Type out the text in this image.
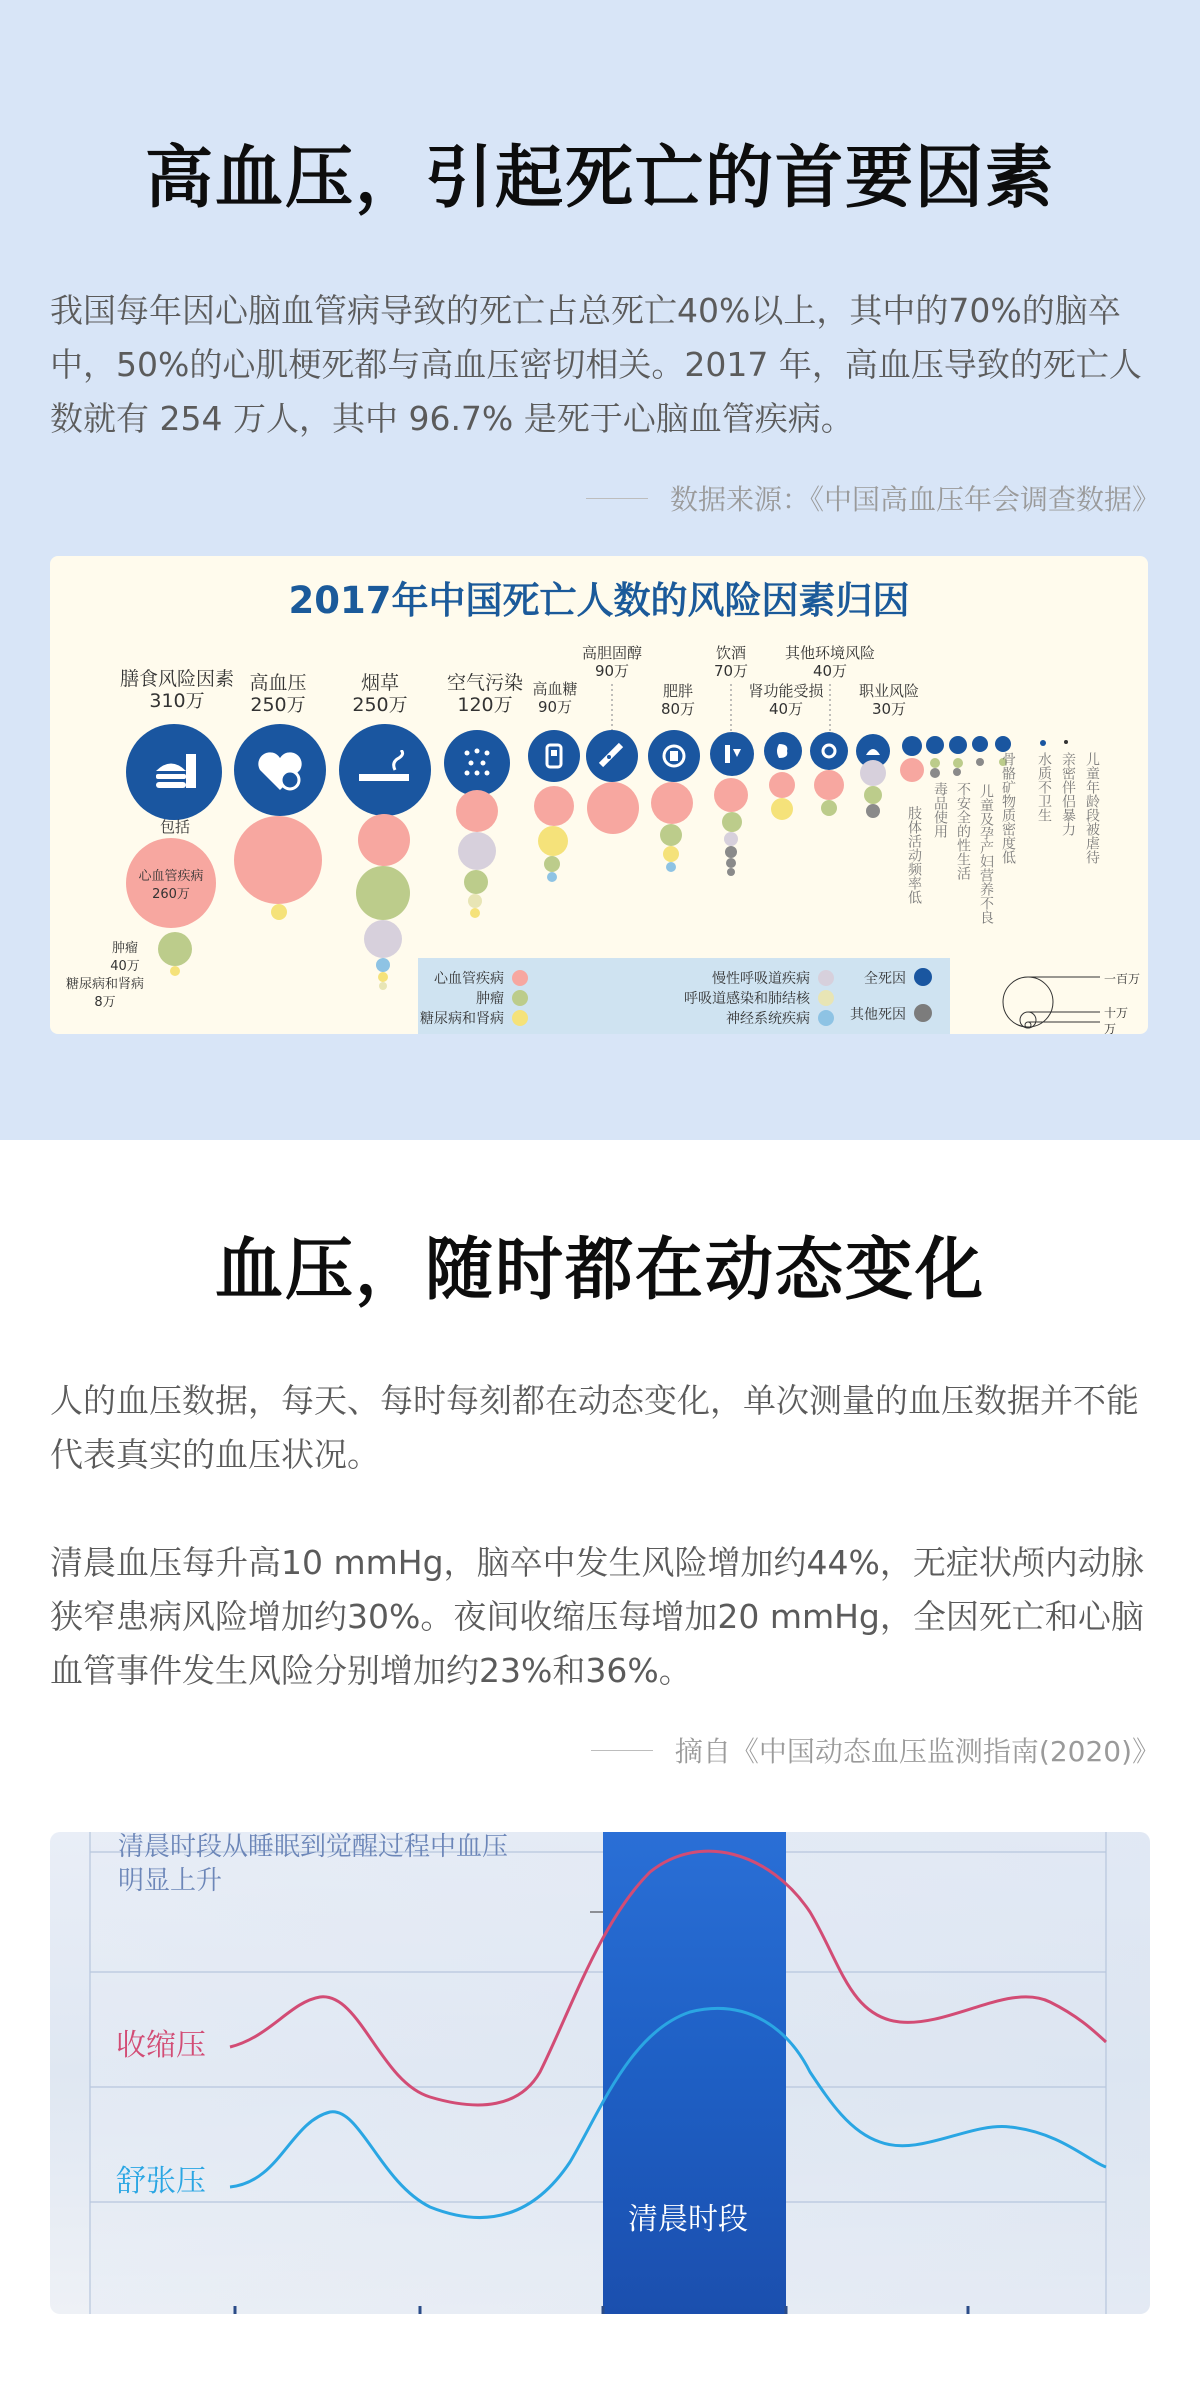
高血压，引起死亡的首要因素

我国每年因心脑血管病导致的死亡占总死亡40%以上，其中的70%的脑卒中，50%的心肌梗死都与高血压密切相关。2017 年，高血压导致的死亡人数就有 254 万人，其中 96.7% 是死于心脑血管疾病。

数据来源：《中国高血压年会调查数据》
2017年中国死亡人数的风险因素归因
膳食风险因素
310万
高血压
250万
烟草
250万
空气污染
120万
高血糖
90万
高胆固醇
90万
肥胖
80万
饮酒
70万
肾功能受损
40万
其他环境风险
40万
职业风险
30万
包括
心血管疾病
260万
肿瘤
40万
糖尿病和肾病
8万
肢体活动频率低 毒品使用 不安全的性生活 儿童及孕产妇营养不良 骨骼矿物质密度低 水质不卫生 亲密伴侣暴力 儿童年龄段被虐待
心血管疾病
肿瘤
糖尿病和肾病
慢性呼吸道疾病
呼吸道感染和肺结核
神经系统疾病
全死因
其他死因
一百万
十万
万
血压，随时都在动态变化

人的血压数据，每天、每时每刻都在动态变化，单次测量的血压数据并不能代表真实的血压状况。

清晨血压每升高10 mmHg，脑卒中发生风险增加约44%，无症状颅内动脉狭窄患病风险增加约30%。夜间收缩压每增加20 mmHg，全因死亡和心脑血管事件发生风险分别增加约23%和36%。

摘自《中国动态血压监测指南(2020)》
清晨时段从睡眠到觉醒过程中血压
明显上升
收缩压
舒张压
清晨时段
